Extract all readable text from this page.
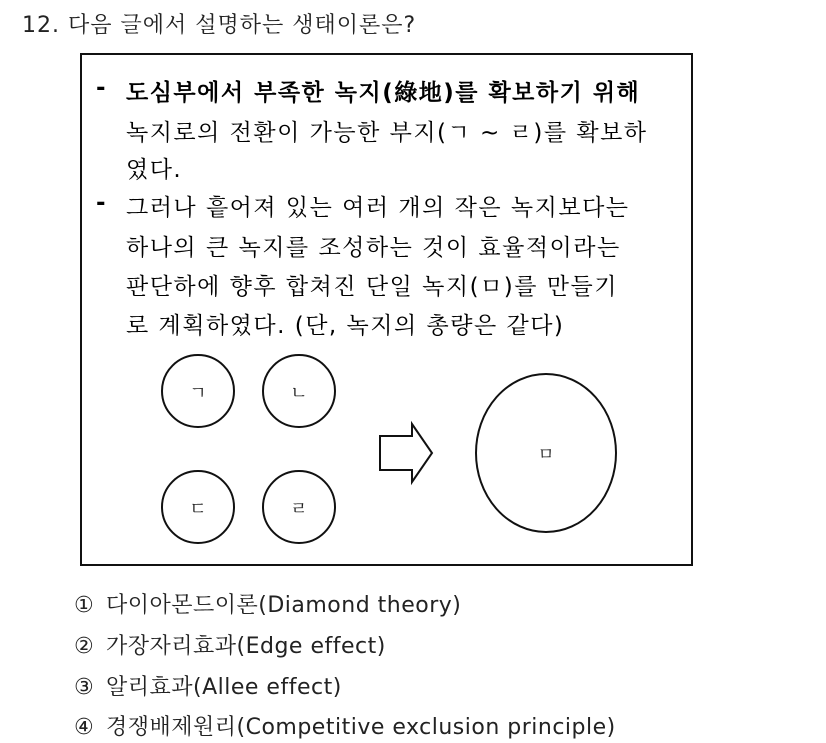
12. 다음 글에서 설명하는 생태이론은?
- 도심부에서 부족한 녹지(綠地)를 확보하기 위해
녹지로의 전환이 가능한 부지(ㄱ ~ ㄹ)를 확보하
였다.
- 그러나 흩어져 있는 여러 개의 작은 녹지보다는
하나의 큰 녹지를 조성하는 것이 효율적이라는
판단하에 향후 합쳐진 단일 녹지(ㅁ)를 만들기
로 계획하였다. (단, 녹지의 총량은 같다)
ㄱ	ㄴ
ㄷ	ㄹ
ㅁ
① 다이아몬드이론(Diamond theory)
② 가장자리효과(Edge effect)
③ 알리효과(Allee effect)
④ 경쟁배제원리(Competitive exclusion principle)
